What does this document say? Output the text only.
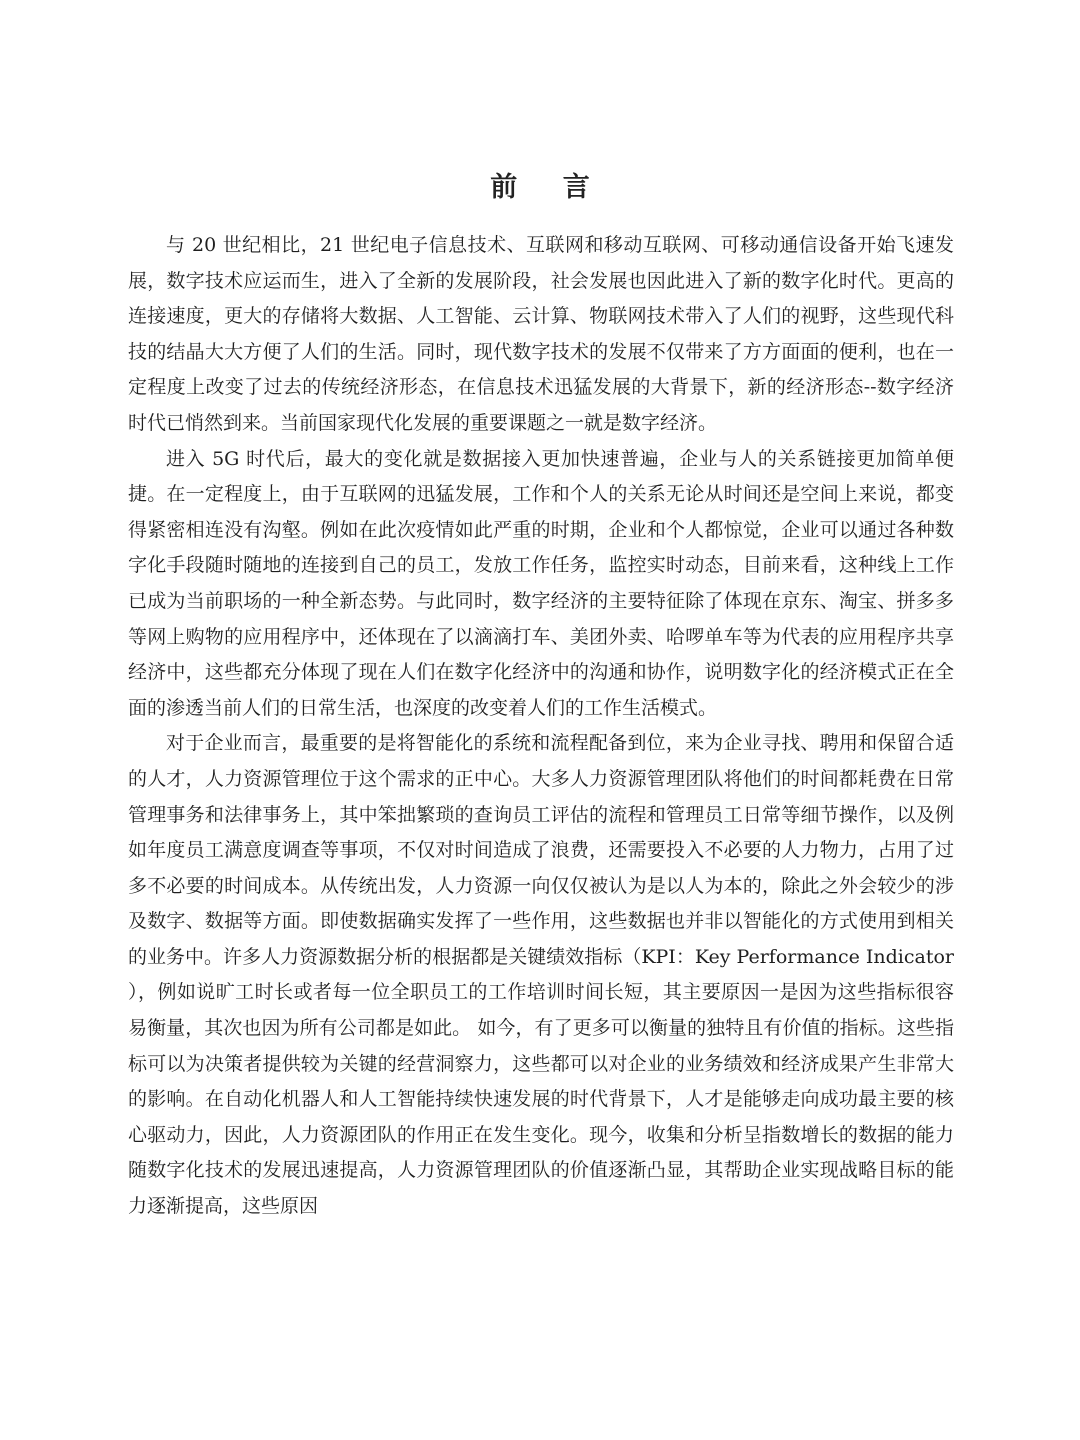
前 言

与 20 世纪相比，21 世纪电子信息技术、互联网和移动互联网、可移动通信设备开始飞速发展，数字技术应运而生，进入了全新的发展阶段，社会发展也因此进入了新的数字化时代。更高的连接速度，更大的存储将大数据、人工智能、云计算、物联网技术带入了人们的视野，这些现代科技的结晶大大方便了人们的生活。同时，现代数字技术的发展不仅带来了方方面面的便利，也在一定程度上改变了过去的传统经济形态，在信息技术迅猛发展的大背景下，新的经济形态--数字经济时代已悄然到来。当前国家现代化发展的重要课题之一就是数字经济。

进入 5G 时代后，最大的变化就是数据接入更加快速普遍，企业与人的关系链接更加简单便捷。在一定程度上，由于互联网的迅猛发展，工作和个人的关系无论从时间还是空间上来说，都变得紧密相连没有沟壑。例如在此次疫情如此严重的时期，企业和个人都惊觉，企业可以通过各种数字化手段随时随地的连接到自己的员工，发放工作任务，监控实时动态，目前来看，这种线上工作已成为当前职场的一种全新态势。与此同时，数字经济的主要特征除了体现在京东、淘宝、拼多多等网上购物的应用程序中，还体现在了以滴滴打车、美团外卖、哈啰单车等为代表的应用程序共享经济中，这些都充分体现了现在人们在数字化经济中的沟通和协作，说明数字化的经济模式正在全面的渗透当前人们的日常生活，也深度的改变着人们的工作生活模式。

对于企业而言，最重要的是将智能化的系统和流程配备到位，来为企业寻找、聘用和保留合适的人才，人力资源管理位于这个需求的正中心。大多人力资源管理团队将他们的时间都耗费在日常管理事务和法律事务上，其中笨拙繁琐的查询员工评估的流程和管理员工日常等细节操作，以及例如年度员工满意度调查等事项，不仅对时间造成了浪费，还需要投入不必要的人力物力，占用了过多不必要的时间成本。从传统出发，人力资源一向仅仅被认为是以人为本的，除此之外会较少的涉及数字、数据等方面。即使数据确实发挥了一些作用，这些数据也并非以智能化的方式使用到相关的业务中。许多人力资源数据分析的根据都是关键绩效指标（KPI：Key Performance Indicator ），例如说旷工时长或者每一位全职员工的工作培训时间长短，其主要原因一是因为这些指标很容易衡量，其次也因为所有公司都是如此。 如今，有了更多可以衡量的独特且有价值的指标。这些指标可以为决策者提供较为关键的经营洞察力，这些都可以对企业的业务绩效和经济成果产生非常大的影响。在自动化机器人和人工智能持续快速发展的时代背景下，人才是能够走向成功最主要的核心驱动力，因此，人力资源团队的作用正在发生变化。现今，收集和分析呈指数增长的数据的能力随数字化技术的发展迅速提高，人力资源管理团队的价值逐渐凸显，其帮助企业实现战略目标的能力逐渐提高，这些原因
